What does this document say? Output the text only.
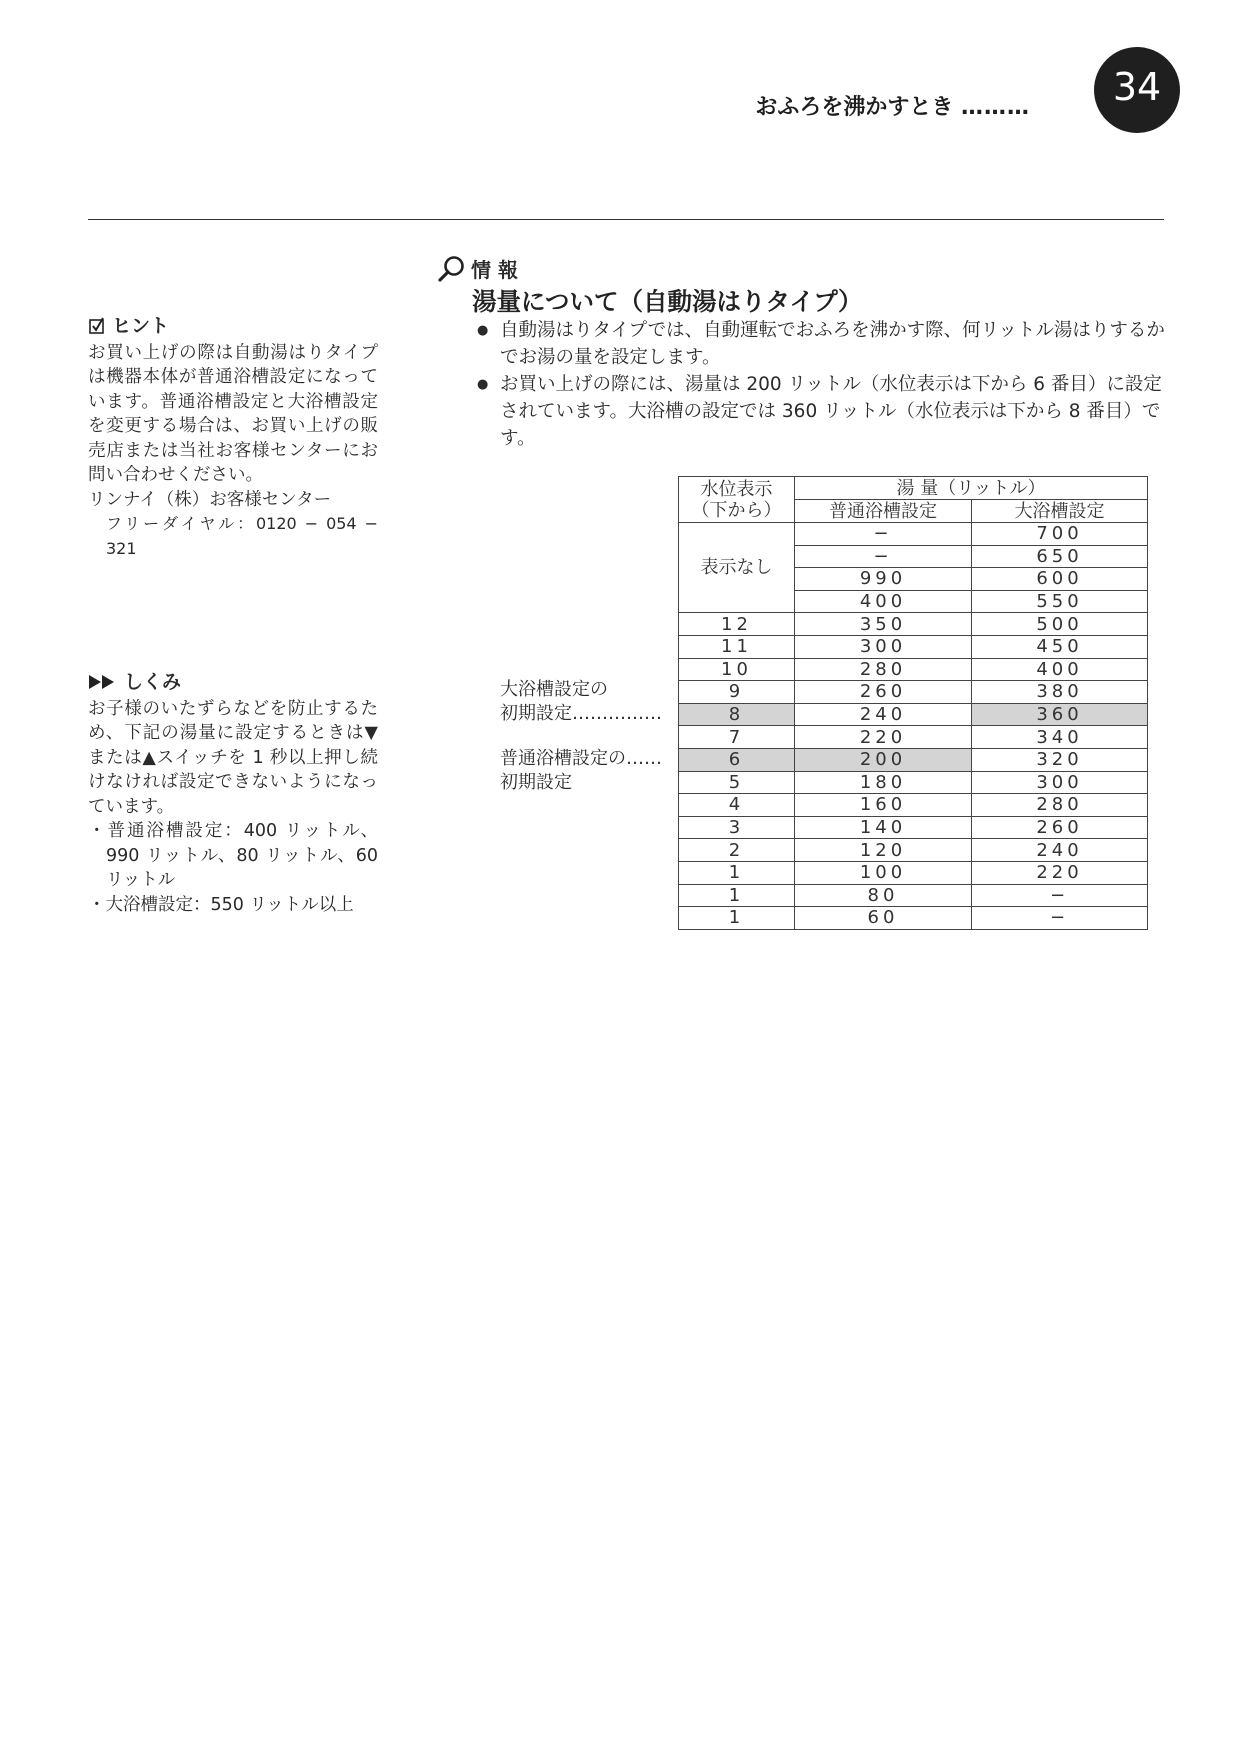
おふろを沸かすとき ………	34
ヒント

お買い上げの際は自動湯はりタイプは機器本体が普通浴槽設定になっています。普通浴槽設定と大浴槽設定を変更する場合は、お買い上げの販売店または当社お客様センターにお問い合わせください。

リンナイ（株）お客様センター

フリーダイヤル：0120 − 054 − 321

しくみ

お子様のいたずらなどを防止するため、下記の湯量に設定するときは▼または▲スイッチを 1 秒以上押し続けなければ設定できないようになっています。

・普通浴槽設定：400 リットル、990 リットル、80 リットル、60 リットル

・大浴槽設定：550 リットル以上

情 報
湯量について（自動湯はりタイプ）
● 自動湯はりタイプでは、自動運転でおふろを沸かす際、何リットル湯はりするかでお湯の量を設定します。
● お買い上げの際には、湯量は 200 リットル（水位表示は下から 6 番目）に設定されています。大浴槽の設定では 360 リットル（水位表示は下から 8 番目）です。
大浴槽設定の
初期設定……………
普通浴槽設定の……
初期設定
水位表示
（下から）	湯 量（リットル）	
	普通浴槽設定	大浴槽設定
表示なし	−	700
	−	650
	990	600
	400	550
12	350	500
11	300	450
10	280	400
9	260	380
8	240	360
7	220	340
6	200	320
5	180	300
4	160	280
3	140	260
2	120	240
1	100	220
1	80	−
1	60	−
